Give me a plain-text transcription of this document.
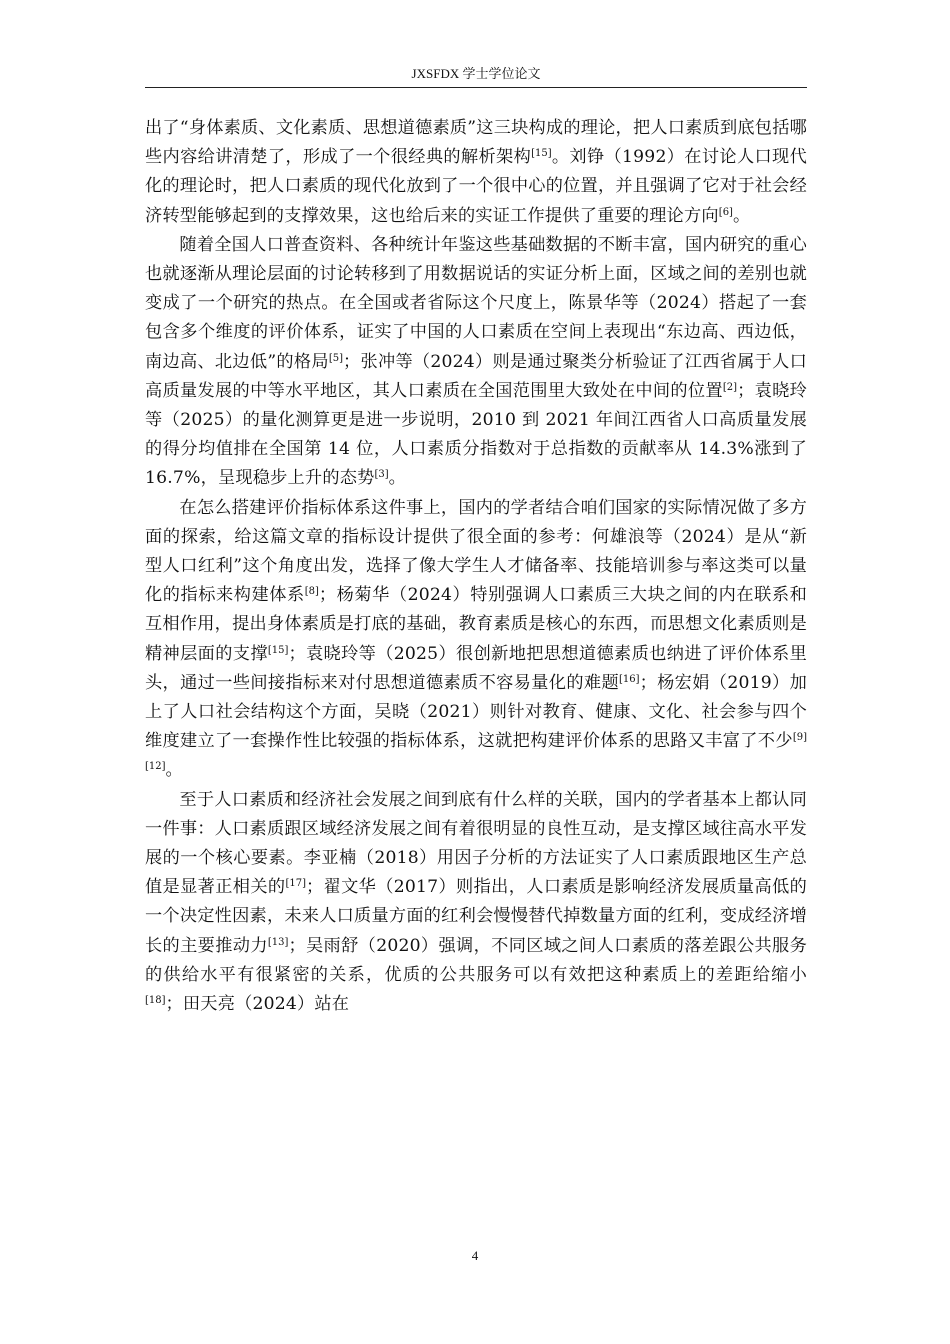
JXSFDX 学士学位论文

出了“身体素质、文化素质、思想道德素质”这三块构成的理论，把人口素质到底包括哪些内容给讲清楚了，形成了一个很经典的解析架构[15]。刘铮（1992）在讨论人口现代化的理论时，把人口素质的现代化放到了一个很中心的位置，并且强调了它对于社会经济转型能够起到的支撑效果，这也给后来的实证工作提供了重要的理论方向[6]。

随着全国人口普查资料、各种统计年鉴这些基础数据的不断丰富，国内研究的重心也就逐渐从理论层面的讨论转移到了用数据说话的实证分析上面，区域之间的差别也就变成了一个研究的热点。在全国或者省际这个尺度上，陈景华等（2024）搭起了一套包含多个维度的评价体系，证实了中国的人口素质在空间上表现出“东边高、西边低，南边高、北边低”的格局[5]；张冲等（2024）则是通过聚类分析验证了江西省属于人口高质量发展的中等水平地区，其人口素质在全国范围里大致处在中间的位置[2]；袁晓玲等（2025）的量化测算更是进一步说明，2010 到 2021 年间江西省人口高质量发展的得分均值排在全国第 14 位，人口素质分指数对于总指数的贡献率从 14.3%涨到了 16.7%，呈现稳步上升的态势[3]。

在怎么搭建评价指标体系这件事上，国内的学者结合咱们国家的实际情况做了多方面的探索，给这篇文章的指标设计提供了很全面的参考：何雄浪等（2024）是从“新型人口红利”这个角度出发，选择了像大学生人才储备率、技能培训参与率这类可以量化的指标来构建体系[8]；杨菊华（2024）特别强调人口素质三大块之间的内在联系和互相作用，提出身体素质是打底的基础，教育素质是核心的东西，而思想文化素质则是精神层面的支撑[15]；袁晓玲等（2025）很创新地把思想道德素质也纳进了评价体系里头，通过一些间接指标来对付思想道德素质不容易量化的难题[16]；杨宏娟（2019）加上了人口社会结构这个方面，吴晓（2021）则针对教育、健康、文化、社会参与四个维度建立了一套操作性比较强的指标体系，这就把构建评价体系的思路又丰富了不少[9][12]。

至于人口素质和经济社会发展之间到底有什么样的关联，国内的学者基本上都认同一件事：人口素质跟区域经济发展之间有着很明显的良性互动，是支撑区域往高水平发展的一个核心要素。李亚楠（2018）用因子分析的方法证实了人口素质跟地区生产总值是显著正相关的[17]；翟文华（2017）则指出，人口素质是影响经济发展质量高低的一个决定性因素，未来人口质量方面的红利会慢慢替代掉数量方面的红利，变成经济增长的主要推动力[13]；吴雨舒（2020）强调，不同区域之间人口素质的落差跟公共服务的供给水平有很紧密的关系，优质的公共服务可以有效把这种素质上的差距给缩小[18]；田天亮（2024）站在

4
